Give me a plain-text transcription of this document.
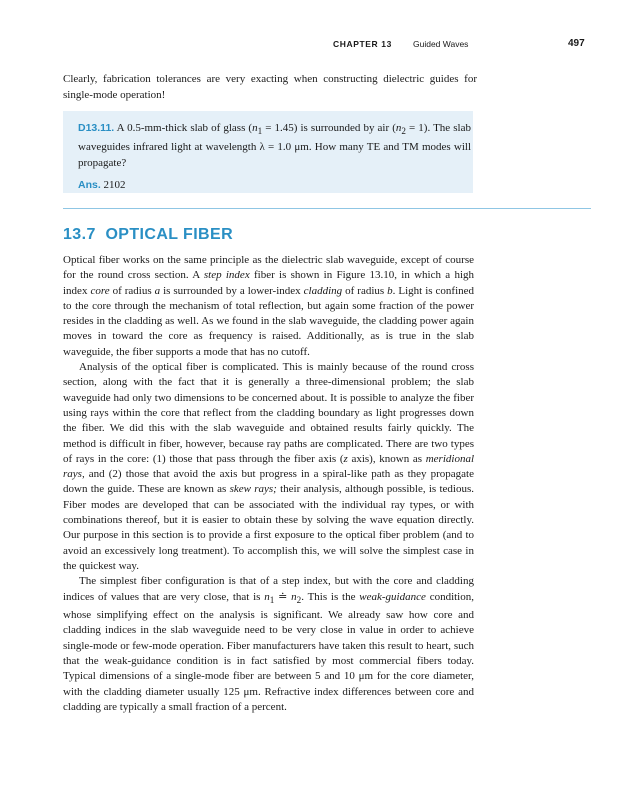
CHAPTER 13 Guided Waves	497

Clearly, fabrication tolerances are very exacting when constructing dielectric guides for single-mode operation!

D13.11. A 0.5-mm-thick slab of glass $(n_1 = 1.45)$ is surrounded by air $(n_2 = 1)$. The slab waveguides infrared light at wavelength λ = 1.0 μm. How many TE and TM modes will propagate?

Ans. 2102

13.7 OPTICAL FIBER

Optical fiber works on the same principle as the dielectric slab waveguide, except of course for the round cross section. A step index fiber is shown in Figure 13.10, in which a high index core of radius a is surrounded by a lower-index cladding of radius b. Light is confined to the core through the mechanism of total reflection, but again some fraction of the power resides in the cladding as well. As we found in the slab waveguide, the cladding power again moves in toward the core as frequency is raised. Additionally, as is true in the slab waveguide, the fiber supports a mode that has no cutoff.

Analysis of the optical fiber is complicated. This is mainly because of the round cross section, along with the fact that it is generally a three-dimensional problem; the slab waveguide had only two dimensions to be concerned about. It is possible to analyze the fiber using rays within the core that reflect from the cladding boundary as light progresses down the fiber. We did this with the slab waveguide and obtained results fairly quickly. The method is difficult in fiber, however, because ray paths are complicated. There are two types of rays in the core: (1) those that pass through the fiber axis (z axis), known as meridional rays, and (2) those that avoid the axis but progress in a spiral-like path as they propagate down the guide. These are known as skew rays; their analysis, although possible, is tedious. Fiber modes are developed that can be associated with the individual ray types, or with combinations thereof, but it is easier to obtain these by solving the wave equation directly. Our purpose in this section is to provide a first exposure to the optical fiber problem (and to avoid an excessively long treatment). To accomplish this, we will solve the simplest case in the quickest way.

The simplest fiber configuration is that of a step index, but with the core and cladding indices of values that are very close, that is $n_1$ ≐ $n_2$. This is the weak-guidance condition, whose simplifying effect on the analysis is significant. We already saw how core and cladding indices in the slab waveguide need to be very close in value in order to achieve single-mode or few-mode operation. Fiber manufacturers have taken this result to heart, such that the weak-guidance condition is in fact satisfied by most commercial fibers today. Typical dimensions of a single-mode fiber are between 5 and 10 μm for the core diameter, with the cladding diameter usually 125 μm. Refractive index differences between core and cladding are typically a small fraction of a percent.
